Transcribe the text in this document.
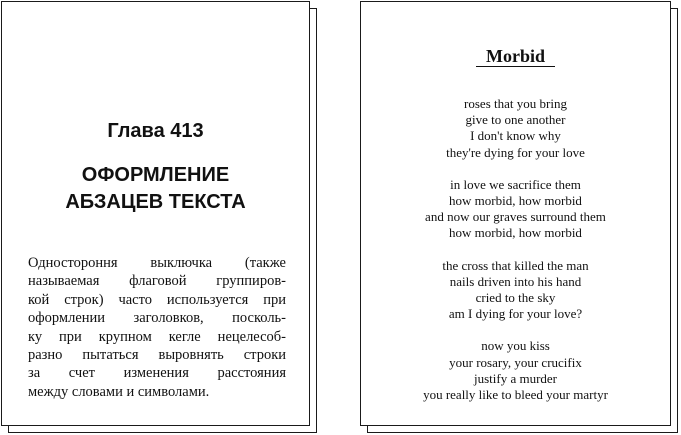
Глава 413
ОФОРМЛЕНИЕ
АБЗАЦЕВ ТЕКСТА
Одностороння выключка (также
называемая флаговой группиров-
кой строк) часто используется при
оформлении заголовков, посколь-
ку при крупном кегле нецелесоб-
разно пытаться выровнять строки
за счет изменения расстояния
между словами и символами.
Morbid
roses that you bring
give to one another
I don't know why
they're dying for your love
in love we sacrifice them
how morbid, how morbid
and now our graves surround them
how morbid, how morbid
the cross that killed the man
nails driven into his hand
cried to the sky
am I dying for your love?
now you kiss
your rosary, your crucifix
justify a murder
you really like to bleed your martyr
